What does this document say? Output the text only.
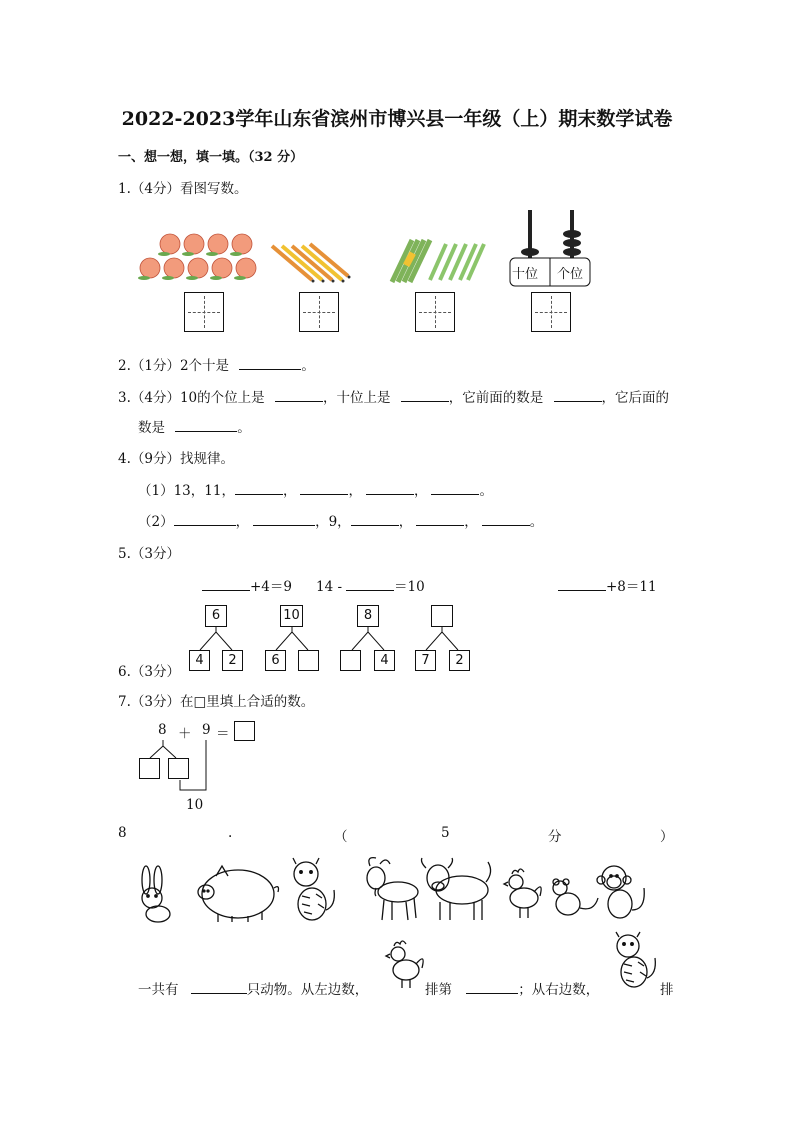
2022-2023学年山东省滨州市博兴县一年级（上）期末数学试卷
一、想一想，填一填。（32 分）
1.（4分）看图写数。
十位 个位
2.（1分）2个十是	。
3.（4分）10的个位上是	，十位上是	，它前面的数是	，它后面的
数是	。
4.（9分）找规律。
（1）13，11，	，	，	，	。
（2）	，	，9，	，	，	。
5.（3分）
+4＝9 14 -	＝10	+8＝11
6.（3分）
6
4	2
10
6
8
4	7	2
7.（3分）在□里填上合适的数。
8 ＋ 9 ＝
10
8	.	（	5	分	）
一共有	只动物。从左边数，	排第	；从右边数，	排
